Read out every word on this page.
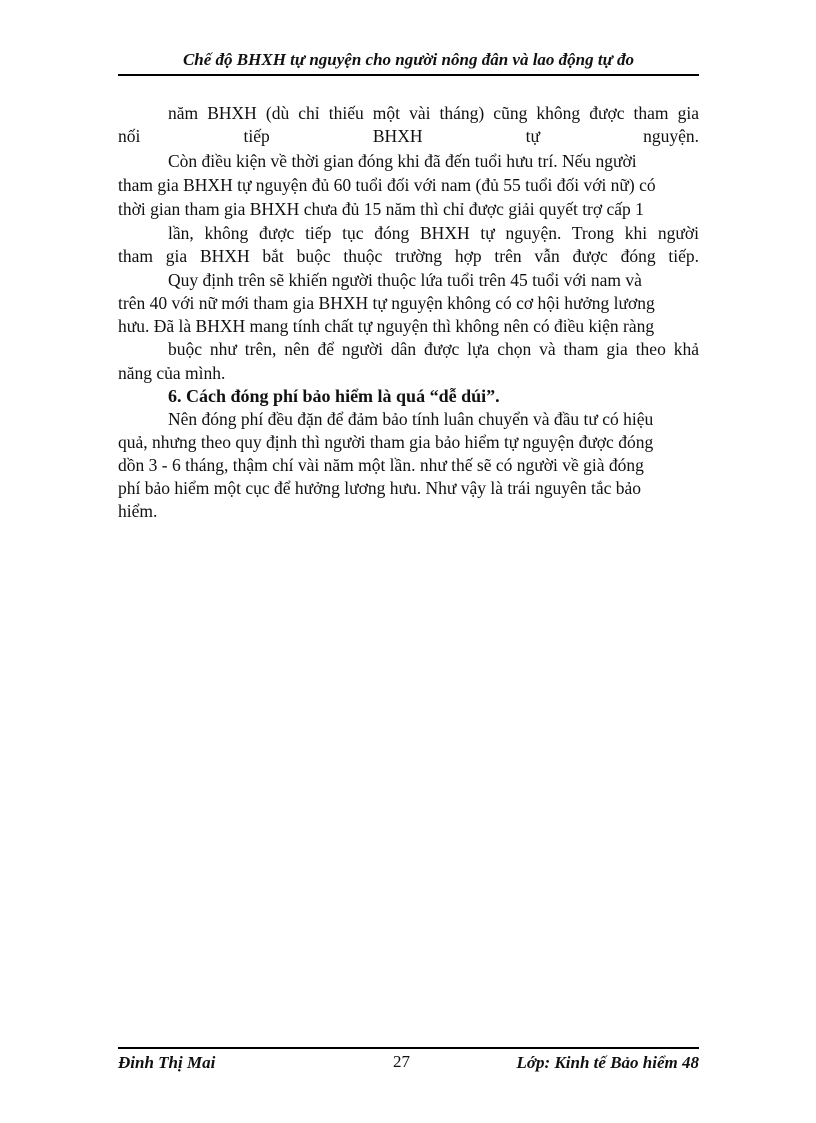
Chế độ BHXH tự nguyện cho người nông đân và lao động tự đo
năm BHXH (dù chỉ thiếu một vài tháng) cũng không được tham gia
nối tiếp BHXH tự nguyện.
Còn điều kiện về thời gian đóng khi đã đến tuổi hưu trí. Nếu người
tham gia BHXH tự nguyện đủ 60 tuổi đối với nam (đủ 55 tuổi đối với nữ) có
thời gian tham gia BHXH chưa đủ 15 năm thì chỉ được giải quyết trợ cấp 1
lần, không được tiếp tục đóng BHXH tự nguyện. Trong khi người
tham gia BHXH bắt buộc thuộc trường hợp trên vẫn được đóng tiếp.
Quy định trên sẽ khiến người thuộc lứa tuổi trên 45 tuổi với nam và
trên 40 với nữ mới tham gia BHXH tự nguyện không có cơ hội hưởng lương
hưu. Đã là BHXH mang tính chất tự nguyện thì không nên có điều kiện ràng
buộc như trên, nên để người dân được lựa chọn và tham gia theo khả
năng của mình.
6. Cách đóng phí bảo hiểm là quá “dễ dúi”.
Nên đóng phí đều đặn để đảm bảo tính luân chuyển và đầu tư có hiệu
quả, nhưng theo quy định thì người tham gia bảo hiểm tự nguyện được đóng
dồn 3 - 6 tháng, thậm chí vài năm một lần. như thế sẽ có người về già đóng
phí bảo hiểm một cục để hưởng lương hưu. Như vậy là trái nguyên tắc bảo
hiểm.
Đinh Thị Mai	27	Lớp: Kinh tế Bảo hiểm 48
